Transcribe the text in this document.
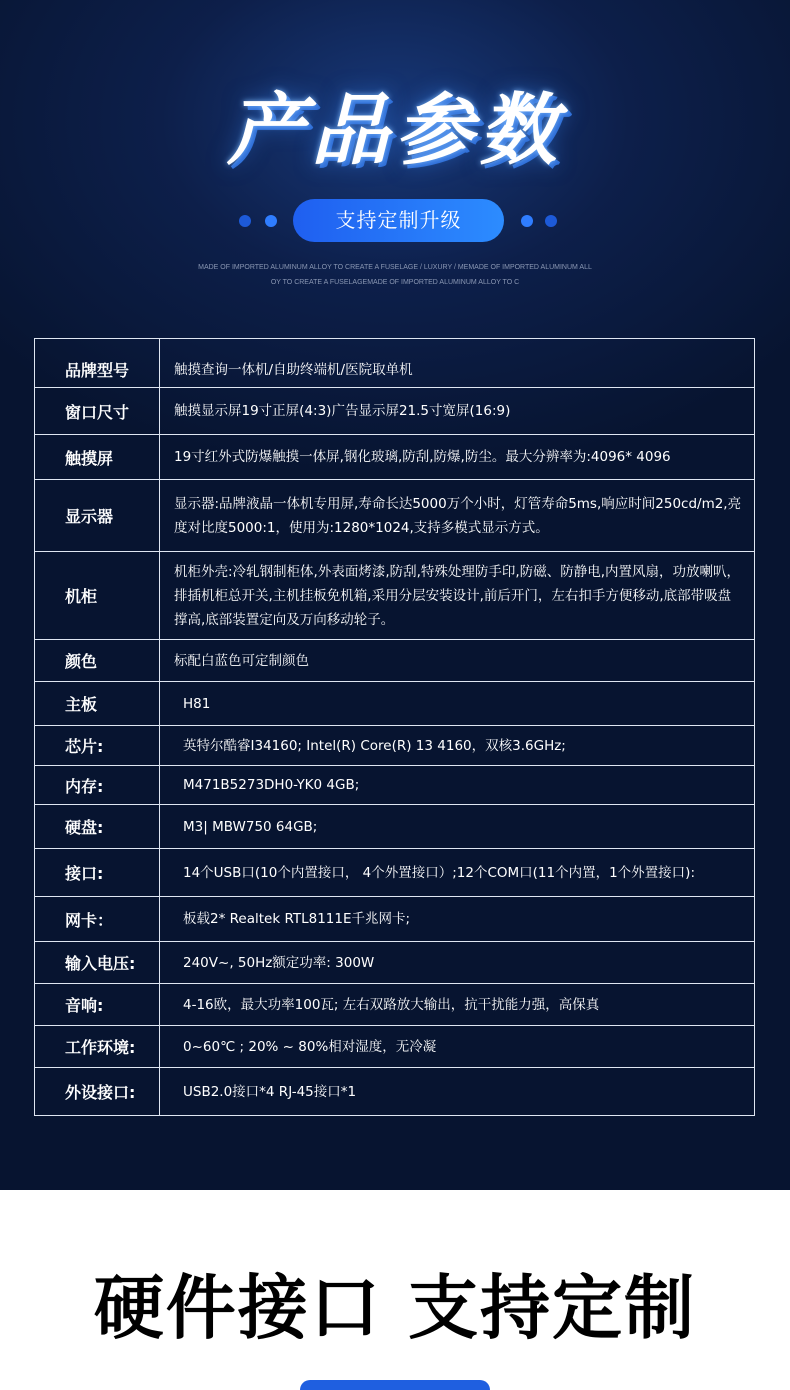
产品参数
支持定制升级
MADE OF IMPORTED ALUMINUM ALLOY TO CREATE A FUSELAGE / LUXURY / MEMADE OF IMPORTED ALUMINUM ALL
OY TO CREATE A FUSELAGEMADE OF IMPORTED ALUMINUM ALLOY TO C
品牌型号	触摸查询一体机/自助终端机/医院取单机
窗口尺寸	触摸显示屏19寸正屏(4:3)广告显示屏21.5寸宽屏(16:9)
触摸屏	19寸红外式防爆触摸一体屏,钢化玻璃,防刮,防爆,防尘。最大分辨率为:4096* 4096
显示器	显示器:品牌液晶一体机专用屏,寿命长达5000万个小时，灯管寿命5ms,响应时间250cd/m2,亮度对比度5000:1，使用为:1280*1024,支持多模式显示方式。
机柜	机柜外壳:冷轧钢制柜体,外表面烤漆,防刮,特殊处理防手印,防磁、防静电,内置风扇，功放喇叭，排插机柜总开关,主机挂板免机箱,采用分层安装设计,前后开门，左右扣手方便移动,底部带吸盘撑高,底部装置定向及万向移动轮子。
颜色	标配白蓝色可定制颜色
主板	H81
芯片:	英特尔酷睿I34160; Intel(R) Core(R) 13 4160，双核3.6GHz;
内存:	M471B5273DH0-YK0 4GB;
硬盘:	M3| MBW750 64GB;
接口:	14个USB口(10个内置接口， 4个外置接口）;12个COM口(11个内置，1个外置接口):
网卡：	板载2* Realtek RTL8111E千兆网卡;
输入电压:	240V~, 50Hz额定功率: 300W
音响:	4-16欧，最大功率100瓦; 左右双路放大输出，抗干扰能力强，高保真
工作环境:	0~60℃ ; 20% ~ 80%相对湿度，无冷凝
外设接口:	USB2.0接口*4 RJ-45接口*1
硬件接口 支持定制
